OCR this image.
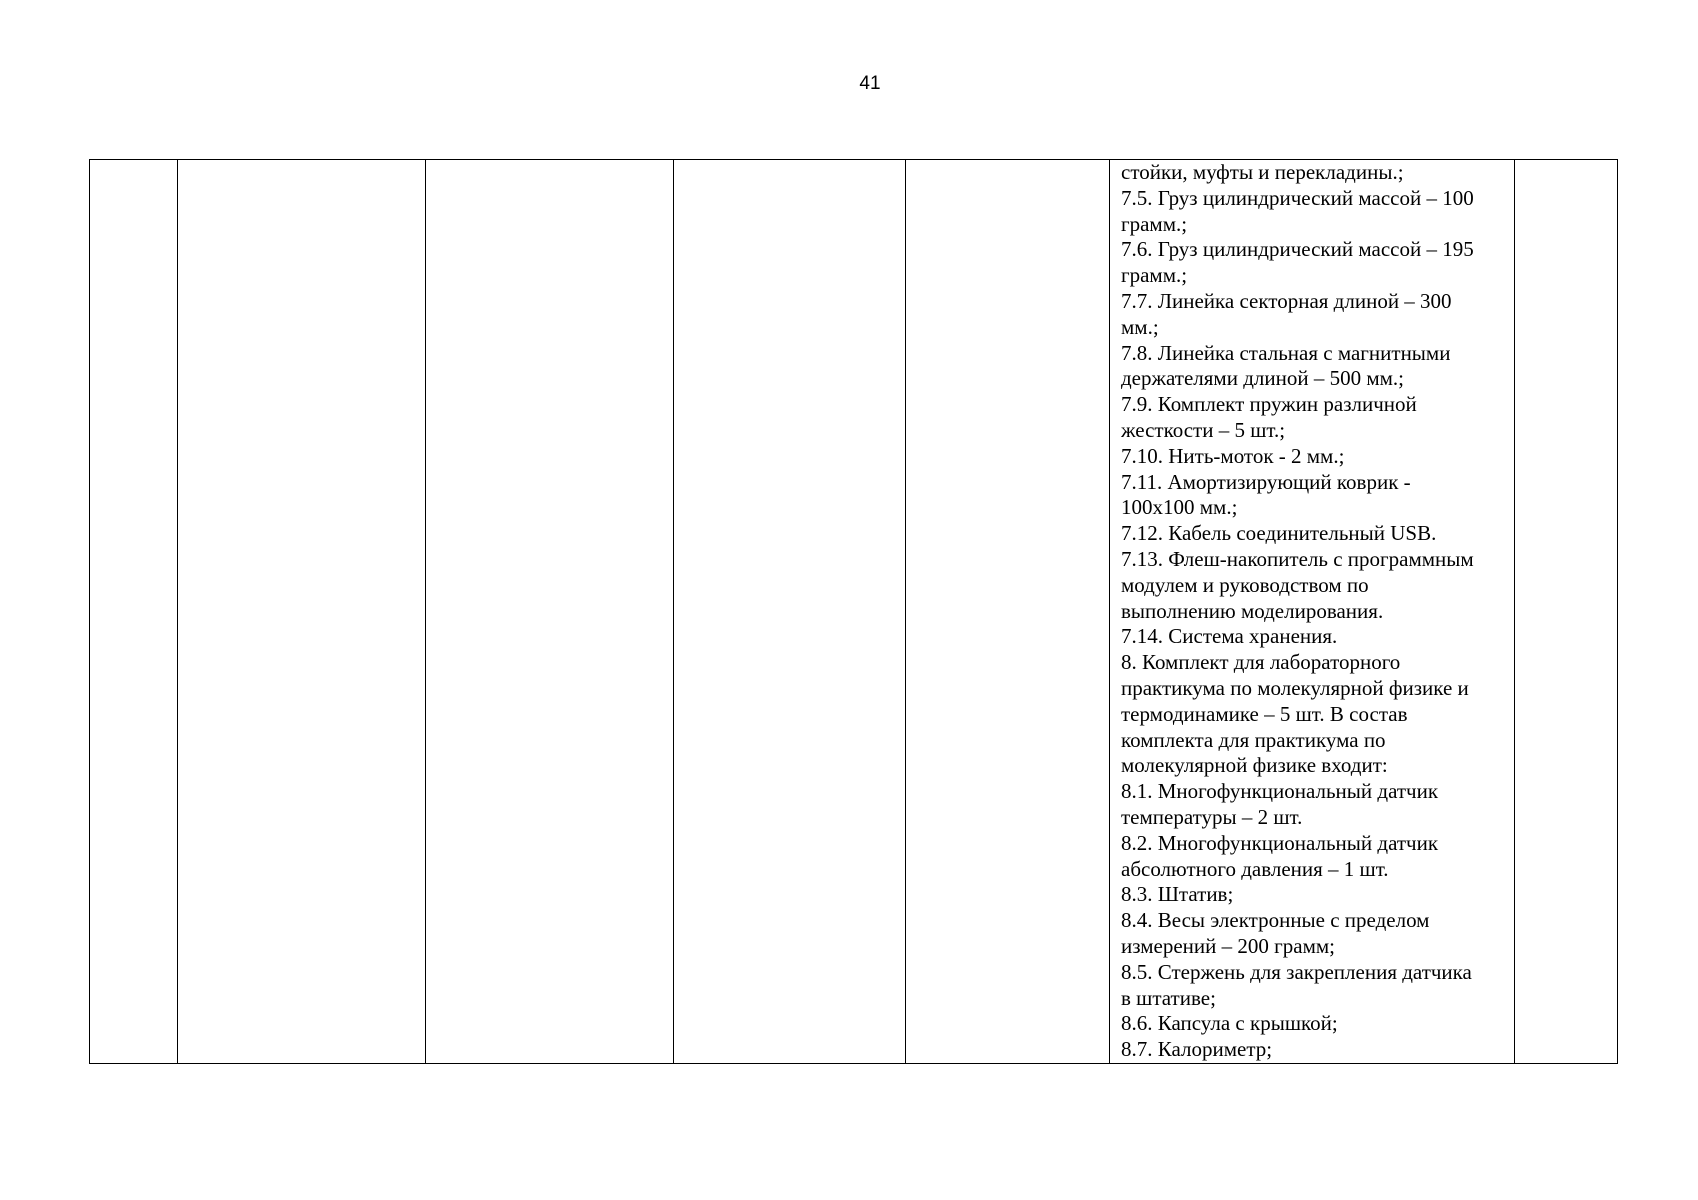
41

стойки, муфты и перекладины.;
7.5. Груз цилиндрический массой – 100
грамм.;
7.6. Груз цилиндрический массой – 195
грамм.;
7.7. Линейка секторная длиной – 300
мм.;
7.8. Линейка стальная с магнитными
держателями длиной – 500 мм.;
7.9. Комплект пружин различной
жесткости – 5 шт.;
7.10. Нить-моток - 2 мм.;
7.11. Амортизирующий коврик -
100х100 мм.;
7.12. Кабель соединительный USB.
7.13. Флеш-накопитель с программным
модулем и руководством по
выполнению моделирования.
7.14. Система хранения.
8. Комплект для лабораторного
практикума по молекулярной физике и
термодинамике – 5 шт. В состав
комплекта для практикума по
молекулярной физике входит:
8.1. Многофункциональный датчик
температуры – 2 шт.
8.2. Многофункциональный датчик
абсолютного давления – 1 шт.
8.3. Штатив;
8.4. Весы электронные с пределом
измерений – 200 грамм;
8.5. Стержень для закрепления датчика
в штативе;
8.6. Капсула с крышкой;
8.7. Калориметр;
